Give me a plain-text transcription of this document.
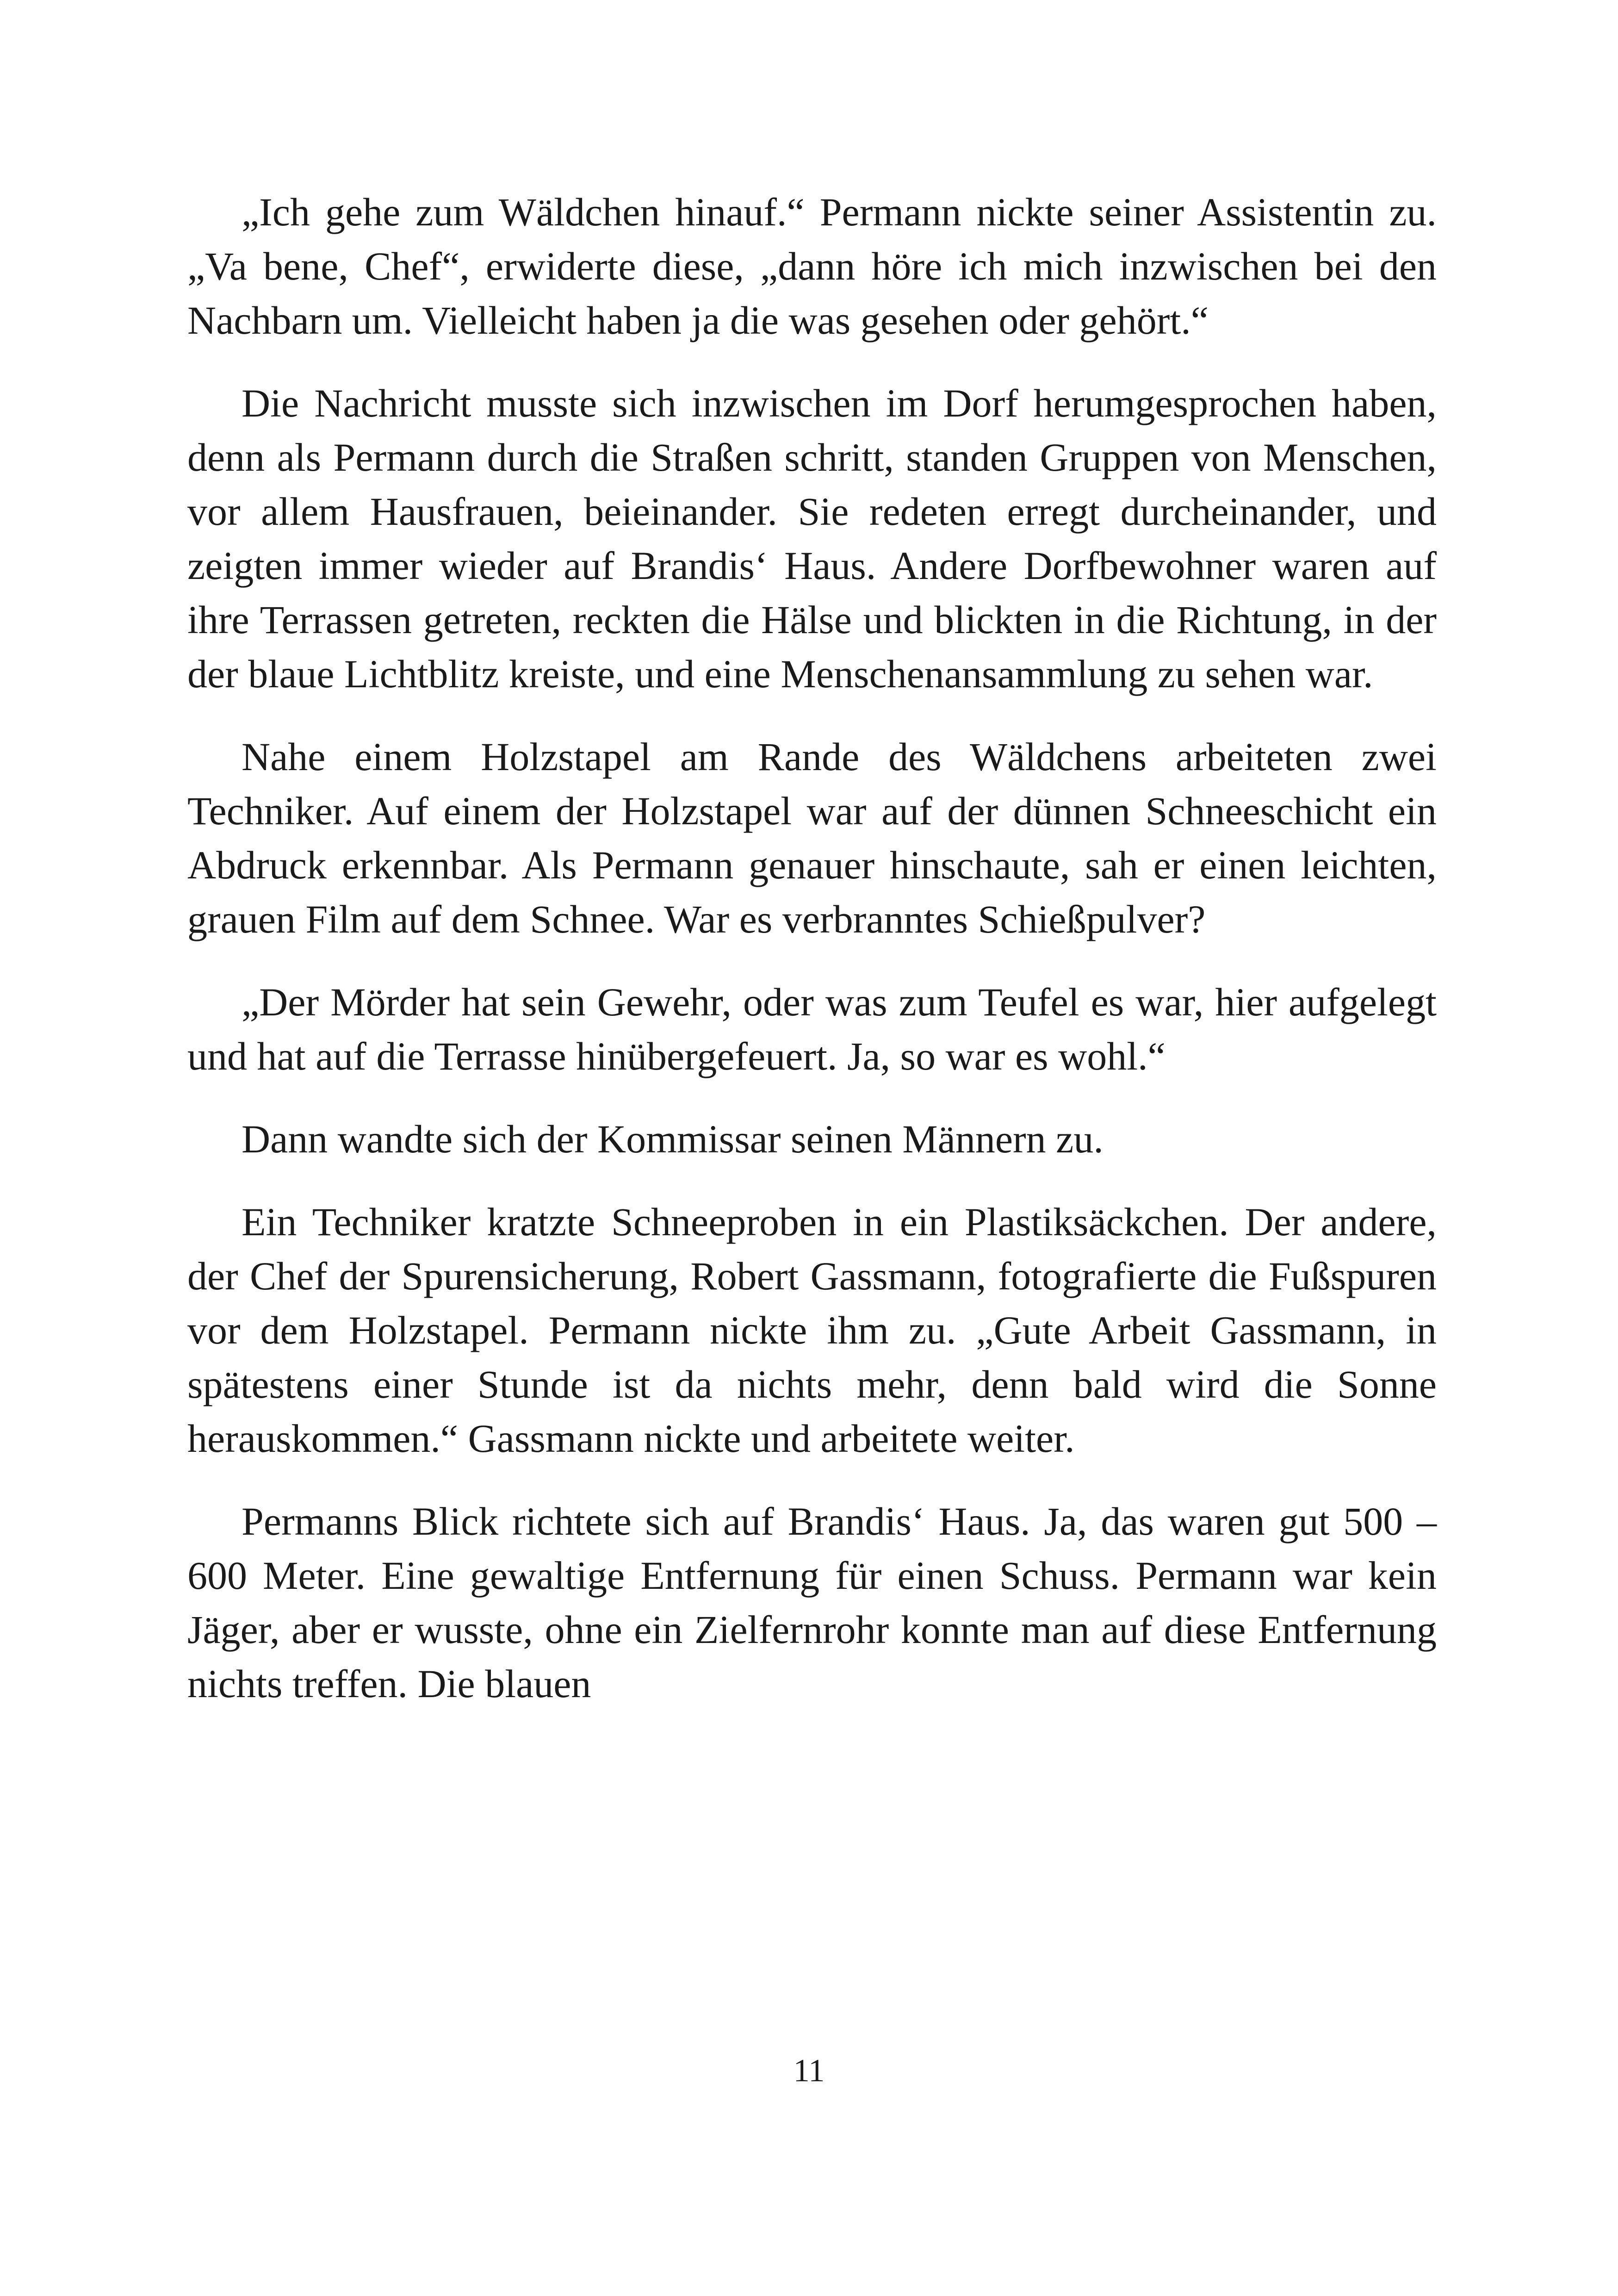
„Ich gehe zum Wäldchen hinauf.“ Permann nickte seiner Assistentin zu. „Va bene, Chef“, erwiderte diese, „dann höre ich mich inzwischen bei den Nachbarn um. Vielleicht haben ja die was gesehen oder gehört.“

Die Nachricht musste sich inzwischen im Dorf herumgesprochen haben, denn als Permann durch die Straßen schritt, standen Gruppen von Menschen, vor allem Hausfrauen, beieinander. Sie redeten erregt durcheinander, und zeigten immer wieder auf Brandis‘ Haus. Andere Dorfbewohner waren auf ihre Terrassen getreten, reckten die Hälse und blickten in die Richtung, in der der blaue Lichtblitz kreiste, und eine Menschenansammlung zu sehen war.

Nahe einem Holzstapel am Rande des Wäldchens arbeiteten zwei Techniker. Auf einem der Holzstapel war auf der dünnen Schneeschicht ein Abdruck erkennbar. Als Permann genauer hinschaute, sah er einen leichten, grauen Film auf dem Schnee. War es verbranntes Schießpulver?

„Der Mörder hat sein Gewehr, oder was zum Teufel es war, hier aufgelegt und hat auf die Terrasse hinübergefeuert. Ja, so war es wohl.“

Dann wandte sich der Kommissar seinen Männern zu.

Ein Techniker kratzte Schneeproben in ein Plastiksäckchen. Der andere, der Chef der Spurensicherung, Robert Gassmann, fotografierte die Fußspuren vor dem Holzstapel. Permann nickte ihm zu. „Gute Arbeit Gassmann, in spätestens einer Stunde ist da nichts mehr, denn bald wird die Sonne herauskommen.“ Gassmann nickte und arbeitete weiter.

Permanns Blick richtete sich auf Brandis‘ Haus. Ja, das waren gut 500 – 600 Meter. Eine gewaltige Entfernung für einen Schuss. Permann war kein Jäger, aber er wusste, ohne ein Zielfernrohr konnte man auf diese Entfernung nichts treffen. Die blauen

11
